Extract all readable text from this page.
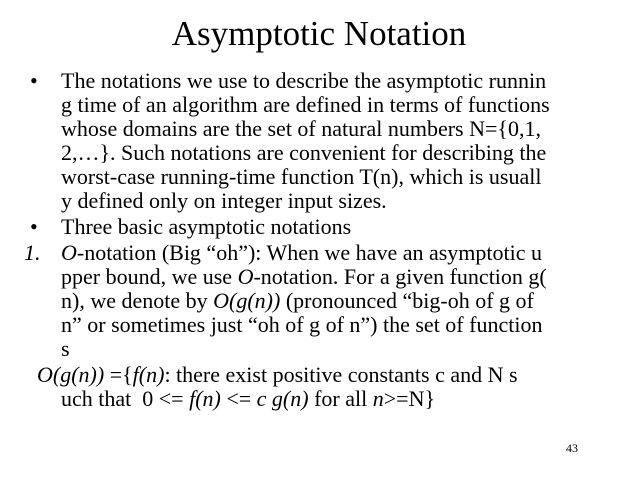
Asymptotic Notation
• The notations we use to describe the asymptotic runnin
g time of an algorithm are defined in terms of functions
whose domains are the set of natural numbers N={0,1,
2,…}. Such notations are convenient for describing the
worst-case running-time function T(n), which is usuall
y defined only on integer input sizes.
• Three basic asymptotic notations
1. O-notation (Big “oh”): When we have an asymptotic u
pper bound, we use O-notation. For a given function g(
n), we denote by O(g(n)) (pronounced “big-oh of g of
n” or sometimes just “oh of g of n”) the set of function
s
O(g(n)) ={f(n): there exist positive constants c and N s
uch that  0 <= f(n) <= c g(n) for all n>=N}
43
